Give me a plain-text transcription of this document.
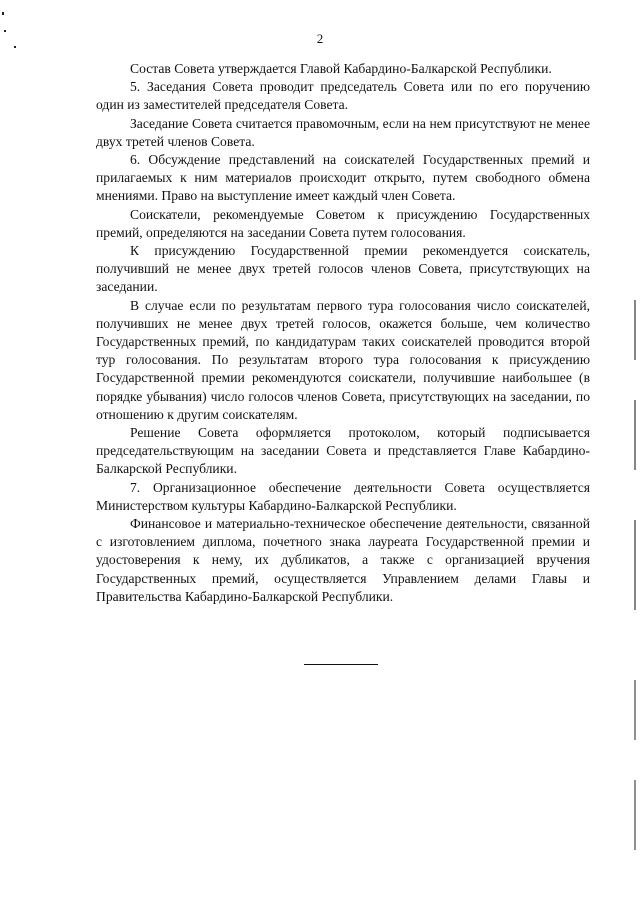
2

Состав Совета утверждается Главой Кабардино-Балкарской Республики.

5. Заседания Совета проводит председатель Совета или по его поручению один из заместителей председателя Совета.

Заседание Совета считается правомочным, если на нем присутствуют не менее двух третей членов Совета.

6. Обсуждение представлений на соискателей Государственных премий и прилагаемых к ним материалов происходит открыто, путем свободного обмена мнениями. Право на выступление имеет каждый член Совета.

Соискатели, рекомендуемые Советом к присуждению Государственных премий, определяются на заседании Совета путем голосования.

К присуждению Государственной премии рекомендуется соискатель, получивший не менее двух третей голосов членов Совета, присутствующих на заседании.

В случае если по результатам первого тура голосования число соискателей, получивших не менее двух третей голосов, окажется больше, чем количество Государственных премий, по кандидатурам таких соискателей проводится второй тур голосования. По результатам второго тура голосования к присуждению Государственной премии рекомендуются соискатели, получившие наибольшее (в порядке убывания) число голосов членов Совета, присутствующих на заседании, по отношению к другим соискателям.

Решение Совета оформляется протоколом, который подписывается председательствующим на заседании Совета и представляется Главе Кабардино-Балкарской Республики.

7. Организационное обеспечение деятельности Совета осуществляется Министерством культуры Кабардино-Балкарской Республики.

Финансовое и материально-техническое обеспечение деятельности, связанной с изготовлением диплома, почетного знака лауреата Государственной премии и удостоверения к нему, их дубликатов, а также с организацией вручения Государственных премий, осуществляется Управлением делами Главы и Правительства Кабардино-Балкарской Республики.
